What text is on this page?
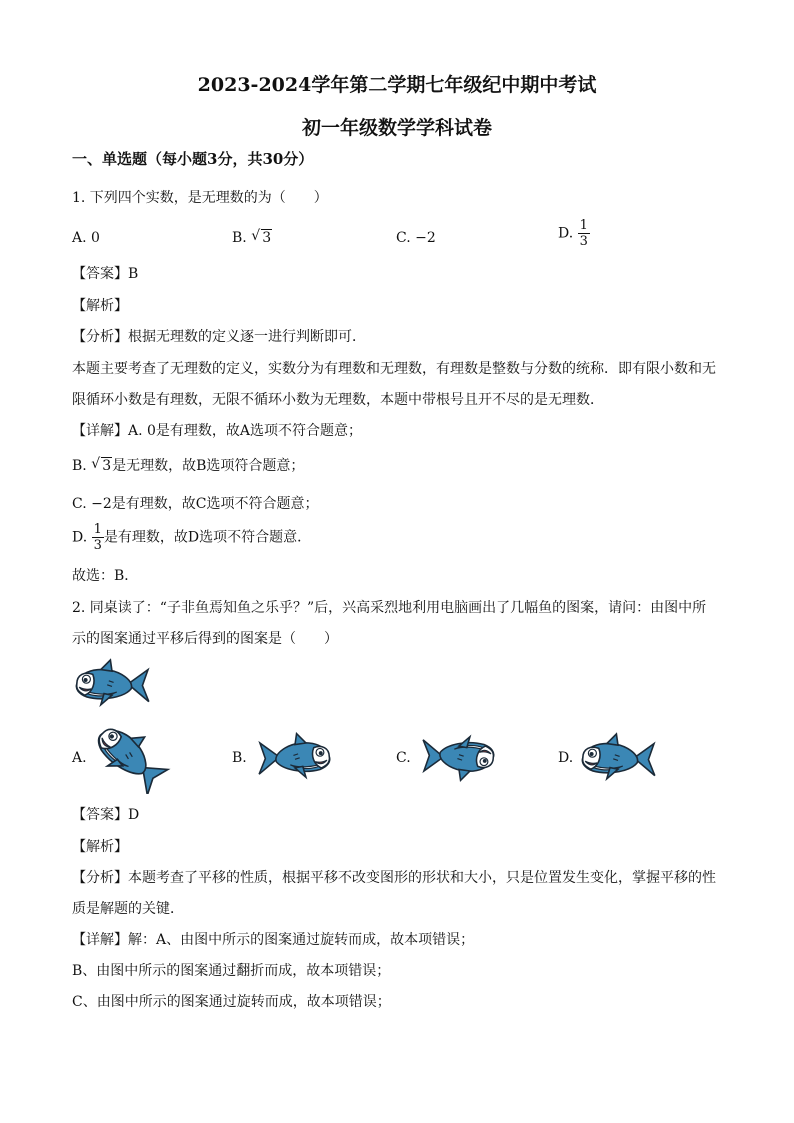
2023-2024学年第二学期七年级纪中期中考试
初一年级数学学科试卷
一、单选题（每小题3分，共30分）
1. 下列四个实数，是无理数的为（　　）
A. 0	B. √ 3	C. −2	D. $\frac{1}{3}$
【答案】B
【解析】
【分析】根据无理数的定义逐一进行判断即可．
本题主要考查了无理数的定义，实数分为有理数和无理数，有理数是整数与分数的统称．即有限小数和无
限循环小数是有理数，无限不循环小数为无理数，本题中带根号且开不尽的是无理数．
【详解】A. 0是有理数，故A选项不符合题意；
B. √ 3是无理数，故B选项符合题意；
C. −2是有理数，故C选项不符合题意；
D. $\frac{1}{3}$ 是有理数，故D选项不符合题意．
故选：B．
2. 同桌读了：“子非鱼焉知鱼之乐乎？”后，兴高采烈地利用电脑画出了几幅鱼的图案，请问：由图中所
示的图案通过平移后得到的图案是（　　）
A.	B.	C.	D.
【答案】D
【解析】
【分析】本题考查了平移的性质，根据平移不改变图形的形状和大小，只是位置发生变化，掌握平移的性
质是解题的关键．
【详解】解：A、由图中所示的图案通过旋转而成，故本项错误；
B、由图中所示的图案通过翻折而成，故本项错误；
C、由图中所示的图案通过旋转而成，故本项错误；
